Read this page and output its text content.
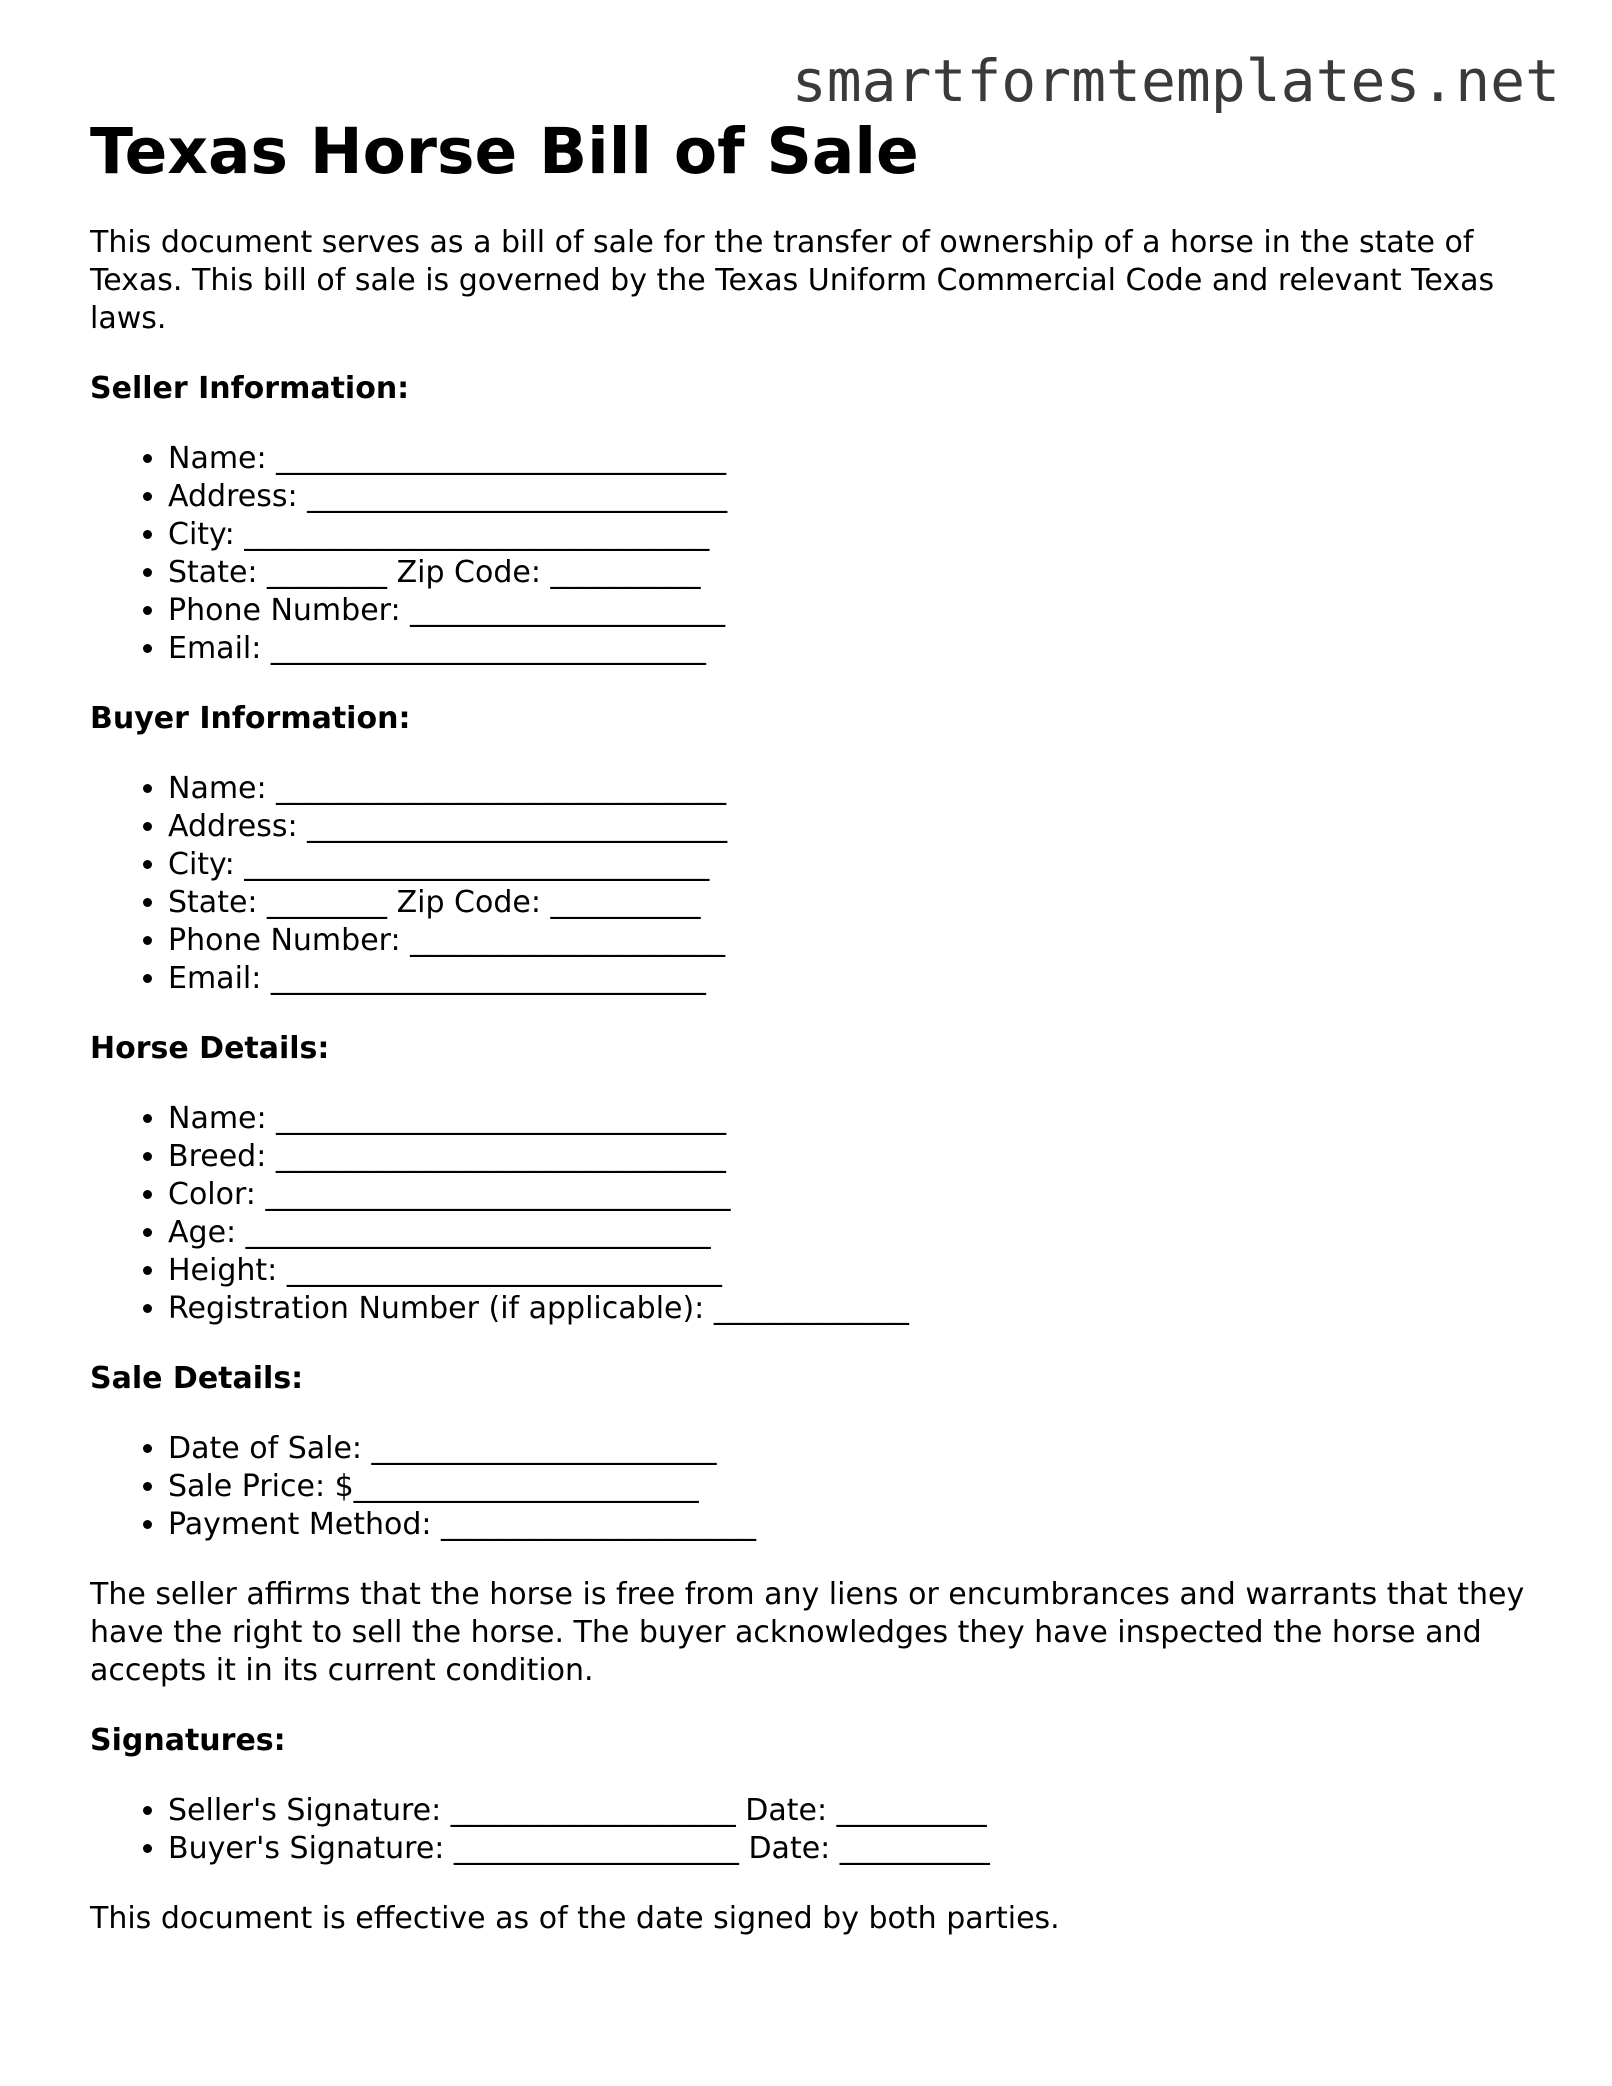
smartformtemplates.net
Texas Horse Bill of Sale

This document serves as a bill of sale for the transfer of ownership of a horse in the state of Texas. This bill of sale is governed by the Texas Uniform Commercial Code and relevant Texas laws.

Seller Information:
• Name: ______________________________
• Address: ____________________________
• City: _______________________________
• State: ________ Zip Code: __________
• Phone Number: _____________________
• Email: _____________________________
Buyer Information:
• Name: ______________________________
• Address: ____________________________
• City: _______________________________
• State: ________ Zip Code: __________
• Phone Number: _____________________
• Email: _____________________________
Horse Details:
• Name: ______________________________
• Breed: ______________________________
• Color: _______________________________
• Age: _______________________________
• Height: _____________________________
• Registration Number (if applicable): _____________
Sale Details:
• Date of Sale: _______________________
• Sale Price: $_______________________
• Payment Method: _____________________

The seller affirms that the horse is free from any liens or encumbrances and warrants that they have the right to sell the horse. The buyer acknowledges they have inspected the horse and accepts it in its current condition.

Signatures:
• Seller's Signature: ___________________ Date: __________
• Buyer's Signature: ___________________ Date: __________

This document is effective as of the date signed by both parties.
